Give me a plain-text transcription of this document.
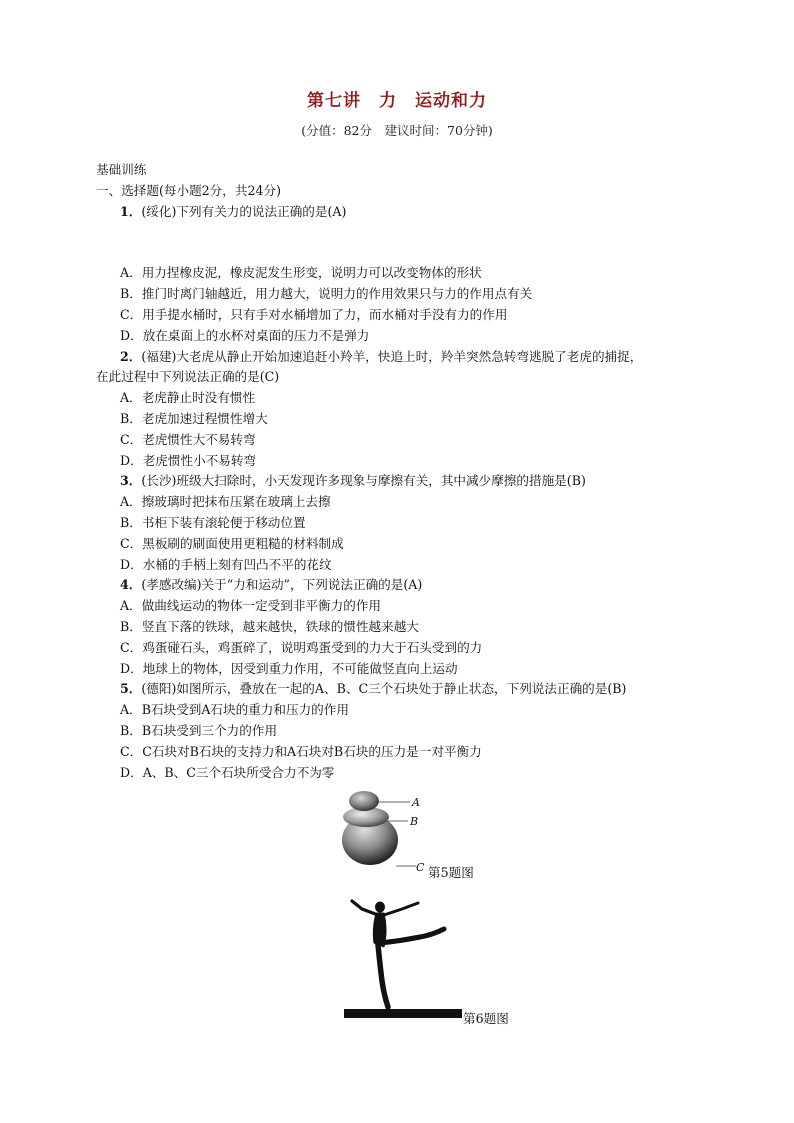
第七讲　力　运动和力
(分值：82分　建议时间：70分钟)
基础训练
一、选择题(每小题2分，共24分)
1．(绥化)下列有关力的说法正确的是(A)
A．用力捏橡皮泥，橡皮泥发生形变，说明力可以改变物体的形状
B．推门时离门轴越近，用力越大，说明力的作用效果只与力的作用点有关
C．用手提水桶时，只有手对水桶增加了力，而水桶对手没有力的作用
D．放在桌面上的水杯对桌面的压力不是弹力
2．(福建)大老虎从静止开始加速追赶小羚羊，快追上时，羚羊突然急转弯逃脱了老虎的捕捉，
在此过程中下列说法正确的是(C)
A．老虎静止时没有惯性
B．老虎加速过程惯性增大
C．老虎惯性大不易转弯
D．老虎惯性小不易转弯
3．(长沙)班级大扫除时，小天发现许多现象与摩擦有关，其中减少摩擦的措施是(B)
A．擦玻璃时把抹布压紧在玻璃上去擦
B．书柜下装有滚轮便于移动位置
C．黑板刷的刷面使用更粗糙的材料制成
D．水桶的手柄上刻有凹凸不平的花纹
4．(孝感改编)关于“力和运动”，下列说法正确的是(A)
A．做曲线运动的物体一定受到非平衡力的作用
B．竖直下落的铁球，越来越快，铁球的惯性越来越大
C．鸡蛋碰石头，鸡蛋碎了，说明鸡蛋受到的力大于石头受到的力
D．地球上的物体，因受到重力作用，不可能做竖直向上运动
5．(德阳)如图所示，叠放在一起的A、B、C三个石块处于静止状态，下列说法正确的是(B)
A．B石块受到A石块的重力和压力的作用
B．B石块受到三个力的作用
C．C石块对B石块的支持力和A石块对B石块的压力是一对平衡力
D．A、B、C三个石块所受合力不为零
A
B
C 第5题图
第6题图
